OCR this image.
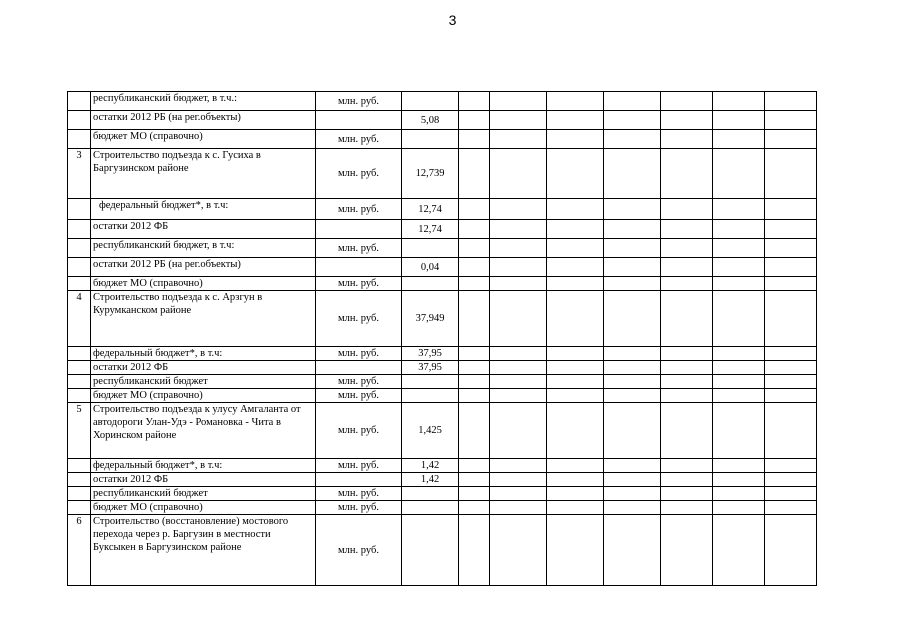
3
	республиканский бюджет, в т.ч.:	млн. руб.								
	остатки 2012 РБ (на рег.объекты)		5,08							
	бюджет МО (справочно)	млн. руб.								
3	Строительство подъезда к с. Гусиха в Баргузинском районе	млн. руб.	12,739							
	федеральный бюджет*, в т.ч:	млн. руб.	12,74							
	остатки 2012 ФБ		12,74							
	республиканский бюджет, в т.ч:	млн. руб.								
	остатки 2012 РБ (на рег.объекты)		0,04							
	бюджет МО (справочно)	млн. руб.								
4	Строительство подъезда к с. Арзгун в Курумканском районе	млн. руб.	37,949							
	федеральный бюджет*, в т.ч:	млн. руб.	37,95							
	остатки 2012 ФБ		37,95							
	республиканский бюджет	млн. руб.								
	бюджет МО (справочно)	млн. руб.								
5	Строительство подъезда к улусу Амгаланта от автодороги Улан-Удэ - Романовка - Чита в Хоринском районе	млн. руб.	1,425							
	федеральный бюджет*, в т.ч:	млн. руб.	1,42							
	остатки 2012 ФБ		1,42							
	республиканский бюджет	млн. руб.								
	бюджет МО (справочно)	млн. руб.								
6	Строительство (восстановление) мостового перехода через р. Баргузин в местности Буксыкен в Баргузинском районе	млн. руб.								
